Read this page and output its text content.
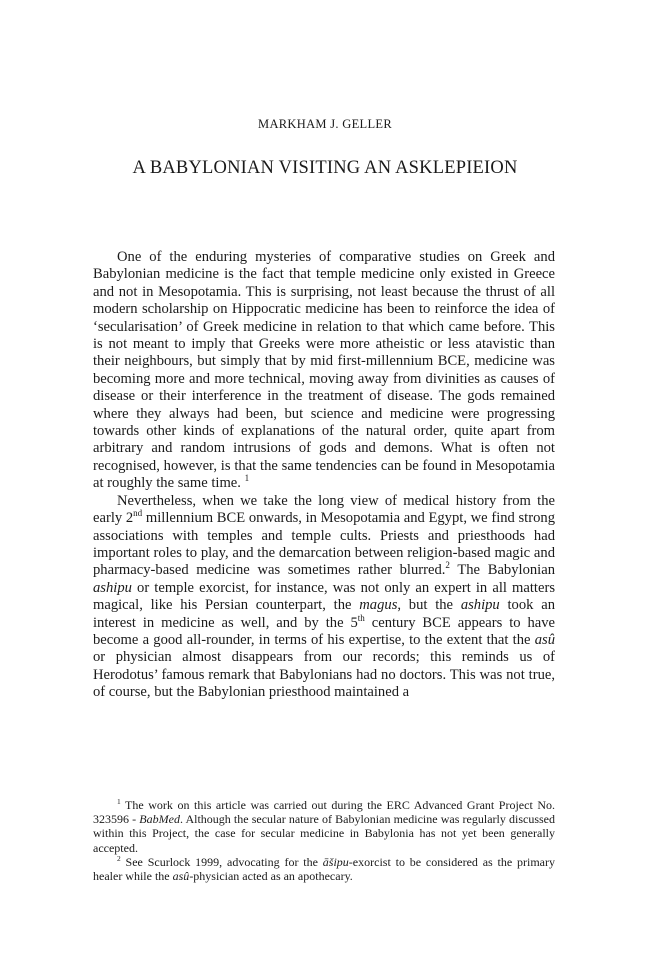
MARKHAM J. GELLER
A BABYLONIAN VISITING AN ASKLEPIEION

One of the enduring mysteries of comparative studies on Greek and Babylonian medicine is the fact that temple medicine only existed in Greece and not in Mesopotamia. This is surprising, not least because the thrust of all modern scholarship on Hippocratic medicine has been to reinforce the idea of ‘secularisation’ of Greek medicine in relation to that which came before. This is not meant to imply that Greeks were more atheistic or less atavistic than their neighbours, but simply that by mid first-millennium BCE, medicine was becoming more and more technical, moving away from divinities as causes of disease or their interference in the treatment of disease. The gods remained where they always had been, but science and medicine were progressing towards other kinds of explanations of the natural order, quite apart from arbitrary and random intrusions of gods and demons. What is often not recognised, however, is that the same tendencies can be found in Mesopotamia at roughly the same time. $^1$

Nevertheless, when we take the long view of medical history from the early 2nd millennium BCE onwards, in Mesopotamia and Egypt, we find strong associations with temples and temple cults. Priests and priesthoods had important roles to play, and the demarcation between religion-based magic and pharmacy-based medicine was sometimes rather blurred.$^2$ The Babylonian ashipu or temple exorcist, for instance, was not only an expert in all matters magical, like his Persian counterpart, the magus, but the ashipu took an interest in medicine as well, and by the 5th century BCE appears to have become a good all-rounder, in terms of his expertise, to the extent that the asû or physician almost disappears from our records; this reminds us of Herodotus’ famous remark that Babylonians had no doctors. This was not true, of course, but the Babylonian priesthood maintained a

$^1$ The work on this article was carried out during the ERC Advanced Grant Project No. 323596 - BabMed. Although the secular nature of Babylonian medicine was regularly discussed within this Project, the case for secular medicine in Babylonia has not yet been generally accepted.

$^2$ See Scurlock 1999, advocating for the āšipu-exorcist to be considered as the primary healer while the asû-physician acted as an apothecary.
